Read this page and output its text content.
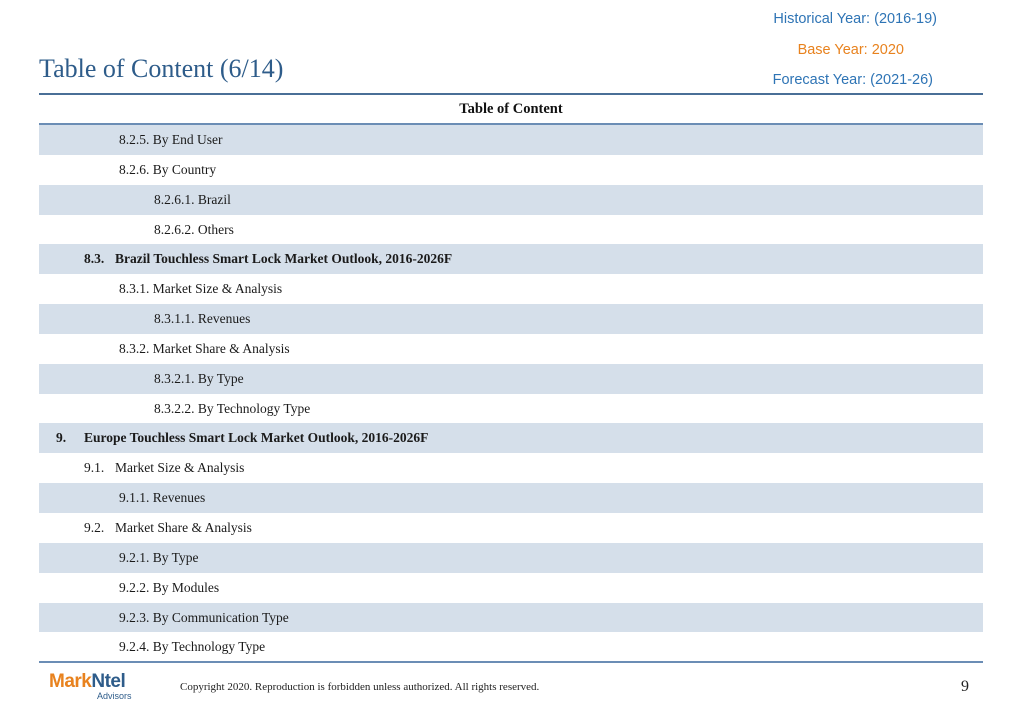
Historical Year: (2016-19)
Base Year: 2020
Forecast Year: (2021-26)
Table of Content (6/14)
Table of Content
8.2.5. By End User
8.2.6. By Country
8.2.6.1. Brazil
8.2.6.2. Others
8.3. Brazil Touchless Smart Lock Market Outlook, 2016-2026F
8.3.1. Market Size & Analysis
8.3.1.1. Revenues
8.3.2. Market Share & Analysis
8.3.2.1. By Type
8.3.2.2. By Technology Type
9. Europe Touchless Smart Lock Market Outlook, 2016-2026F
9.1. Market Size & Analysis
9.1.1. Revenues
9.2. Market Share & Analysis
9.2.1. By Type
9.2.2. By Modules
9.2.3. By Communication Type
9.2.4. By Technology Type
MarkNtel
Advisors
Copyright 2020. Reproduction is forbidden unless authorized. All rights reserved.	9
